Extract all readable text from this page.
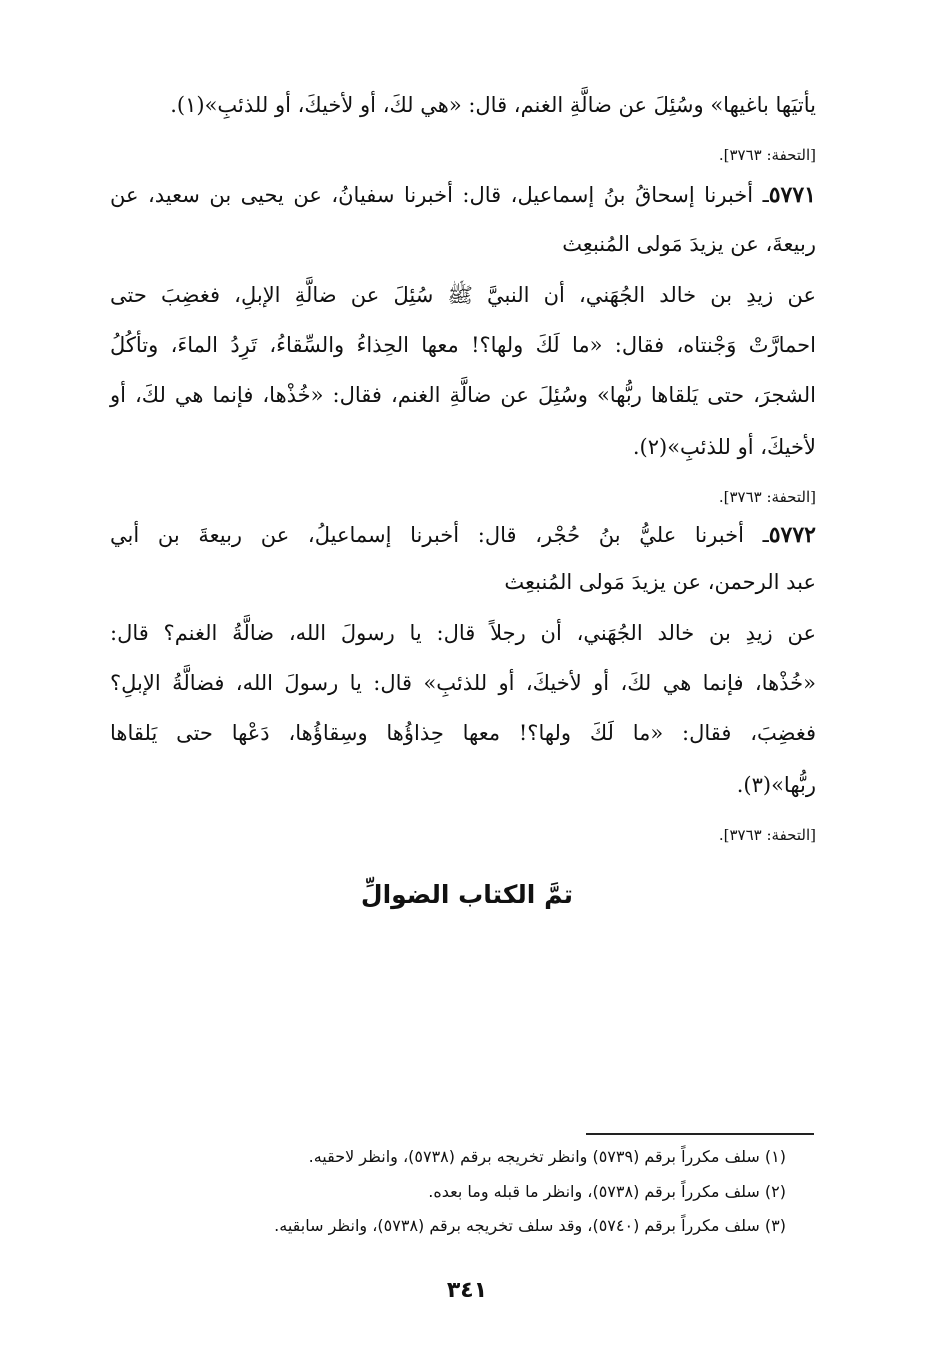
يأتيَها باغيها» وسُئِلَ عن ضالَّةِ الغنم، قال: «هي لكَ، أو لأخيكَ، أو للذئبِ»(١).
[التحفة: ٣٧٦٣].
٥٧٧١ـ أخبرنا إسحاقُ بنُ إسماعيل، قال: أخبرنا سفيانُ، عن يحيى بن سعيد، عن
ربيعةَ، عن يزيدَ مَولى المُنبعِث
عن زيدِ بن خالد الجُهَني، أن النبيَّ ﷺ سُئِلَ عن ضالَّةِ الإبلِ، فغضِبَ حتى
احمارَّتْ وَجْنتاه، فقال: «ما لَكَ ولها؟! معها الحِذاءُ والسِّقاءُ، تَرِدُ الماءَ، وتأكُلُ
الشجرَ، حتى يَلقاها ربُّها» وسُئِلَ عن ضالَّةِ الغنم، فقال: «خُذْها، فإنما هي لكَ، أو
لأخيكَ، أو للذئبِ»(٢).
[التحفة: ٣٧٦٣].
٥٧٧٢ـ أخبرنا عليُّ بنُ حُجْر، قال: أخبرنا إسماعيلُ، عن ربيعةَ بن أبي
عبد الرحمن، عن يزيدَ مَولى المُنبعِث
عن زيدِ بن خالد الجُهَني، أن رجلاً قال: يا رسولَ الله، ضالَّةُ الغنم؟ قال:
«خُذْها، فإنما هي لكَ، أو لأخيكَ، أو للذئبِ» قال: يا رسولَ الله، فضالَّةُ الإبلِ؟
فغضِبَ، فقال: «ما لَكَ ولها؟! معها حِذاؤُها وسِقاؤُها، دَعْها حتى يَلقاها
ربُّها»(٣).
[التحفة: ٣٧٦٣].
تمَّ الكتاب الضوالِّ
(١) سلف مكرراً برقم (٥٧٣٩) وانظر تخريجه برقم (٥٧٣٨)، وانظر لاحقيه.
(٢) سلف مكرراً برقم (٥٧٣٨)، وانظر ما قبله وما بعده.
(٣) سلف مكرراً برقم (٥٧٤٠)، وقد سلف تخريجه برقم (٥٧٣٨)، وانظر سابقيه.
٣٤١
